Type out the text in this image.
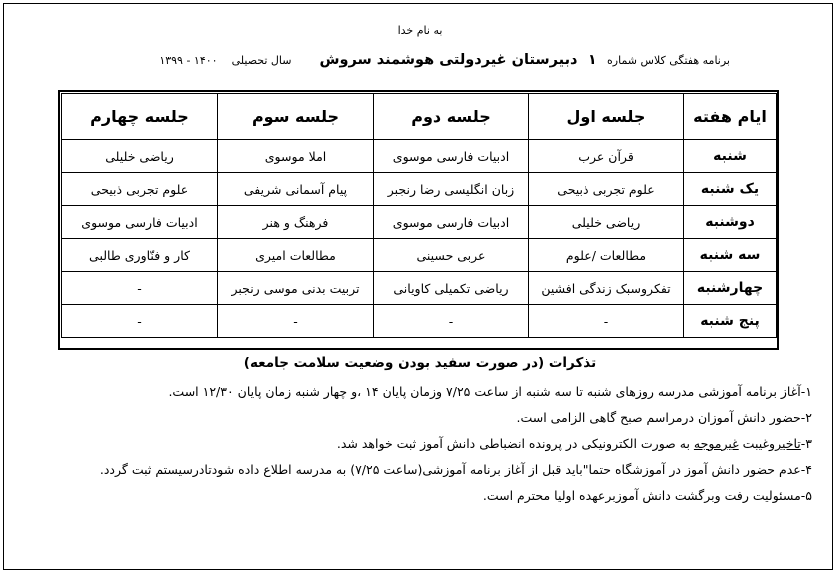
به نام خدا
برنامه هفتگی کلاس شماره   ۱   دبیرستان غیردولتی هوشمند سروش        سال تحصیلی    ۱۴۰۰ - ۱۳۹۹
ایام هفته	جلسه اول	جلسه دوم	جلسه سوم	جلسه چهارم
شنبه	قرآن عرب	ادبیات فارسی موسوی	املا موسوی	ریاضی خلیلی
یک شنبه	علوم تجربی ذبیحی	زبان انگلیسی رضا رنجبر	پیام آسمانی شریفی	علوم تجربی ذبیحی
دوشنبه	ریاضی خلیلی	ادبیات فارسی موسوی	فرهنگ و هنر	ادبیات فارسی موسوی
سه شنبه	مطالعات /علوم	عربی حسینی	مطالعات امیری	کار و فنّاوری طالبی
چهارشنبه	تفکروسبک زندگی افشین	ریاضی تکمیلی کاویانی	تربیت بدنی موسی رنجبر	-
پنج شنبه	-	-	-	-
تذکرات (در صورت سفید بودن وضعیت سلامت جامعه)
۱-آغاز برنامه آموزشی مدرسه روزهای شنبه تا سه شنبه از ساعت ۷/۲۵ وزمان پایان ۱۴ ،و چهار شنبه زمان پایان ۱۲/۳۰ است.
۲-حضور دانش آموزان درمراسم صبح گاهی الزامی است.
۳-تاخیروغیبت غیرموجه به صورت الکترونیکی در پرونده انضباطی دانش آموز ثبت خواهد شد.
۴-عدم حضور دانش آموز در آموزشگاه حتما"باید قبل از آغاز برنامه آموزشی(ساعت ۷/۲۵) به مدرسه اطلاع داده شودتادرسیستم ثبت گردد.
۵-مسئولیت رفت وبرگشت دانش آموزبرعهده اولیا محترم است.
